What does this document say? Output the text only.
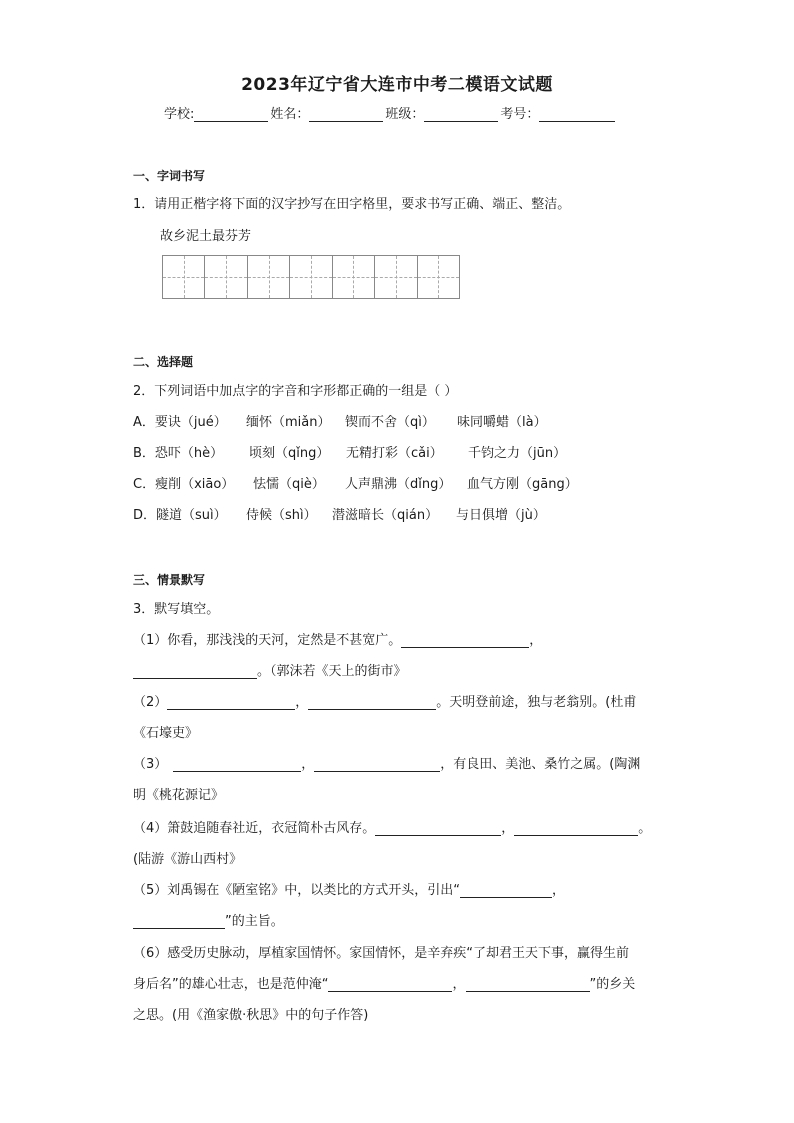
2023年辽宁省大连市中考二模语文试题
学校:	姓名：	班级：	考号：
一、字词书写
1．请用正楷字将下面的汉字抄写在田字格里，要求书写正确、端正、整洁。
故乡泥土最芬芳
二、选择题
2．下列词语中加点字的字音和字形都正确的一组是（ ）
A．要诀（jué） 缅怀（miǎn） 锲而不舍（qì） 味同嚼蜡（là）
B．恐吓（hè） 顷刻（qǐng） 无精打彩（cǎi） 千钧之力（jūn）
C．瘦削（xiāo） 怯懦（qiè） 人声鼎沸（dǐng） 血气方刚（gāng）
D．隧道（suì） 侍候（shì） 潜滋暗长（qián） 与日俱增（jù）
三、情景默写
3．默写填空。
（1）你看，那浅浅的天河，定然是不甚宽广。	，
。（郭沫若《天上的街市》
（2）	，	。天明登前途，独与老翁别。(杜甫
《石壕吏》
（3）	，	，有良田、美池、桑竹之属。(陶渊
明《桃花源记》
（4）箫鼓追随春社近，衣冠简朴古风存。	，	。
(陆游《游山西村》
（5）刘禹锡在《陋室铭》中，以类比的方式开头，引出“	，
”的主旨。
（6）感受历史脉动，厚植家国情怀。家国情怀，是辛弃疾“了却君王天下事，赢得生前
身后名”的雄心壮志，也是范仲淹“	，	”的乡关
之思。(用《渔家傲·秋思》中的句子作答)
